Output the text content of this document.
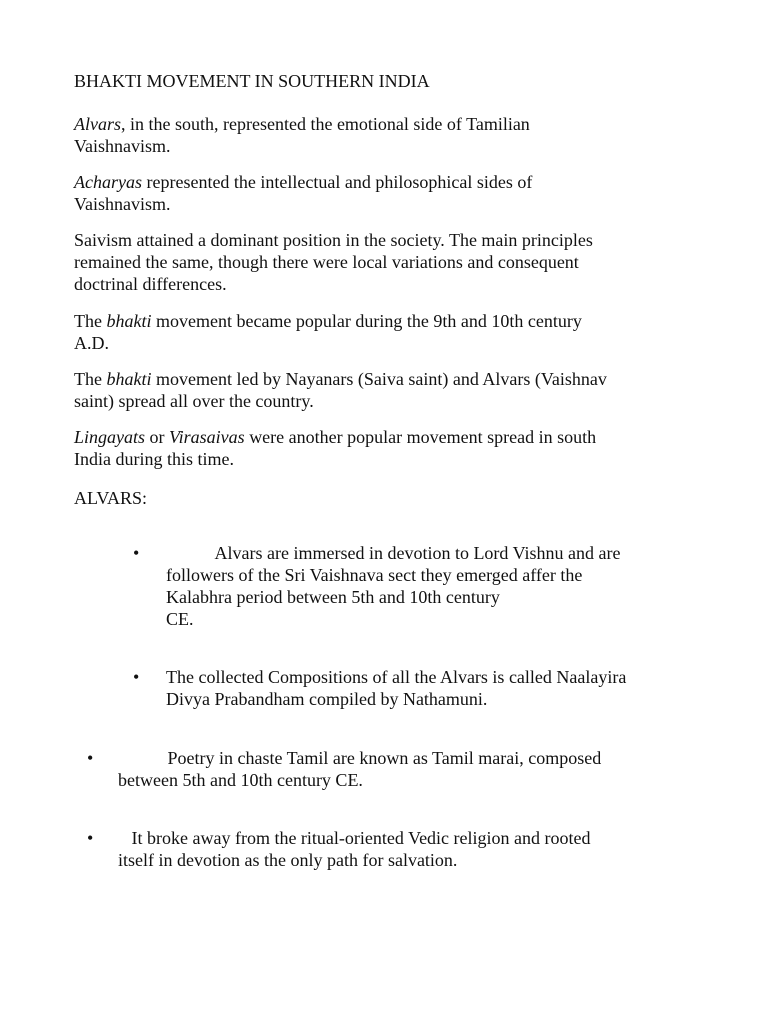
BHAKTI MOVEMENT IN SOUTHERN INDIA
Alvars, in the south, represented the emotional side of Tamilian
Vaishnavism.
Acharyas represented the intellectual and philosophical sides of
Vaishnavism.
Saivism attained a dominant position in the society. The main principles
remained the same, though there were local variations and consequent
doctrinal differences.
The bhakti movement became popular during the 9th and 10th century
A.D.
The bhakti movement led by Nayanars (Saiva saint) and Alvars (Vaishnav
saint) spread all over the country.
Lingayats or Virasaivas were another popular movement spread in south
India during this time.
ALVARS:
• Alvars are immersed in devotion to Lord Vishnu and are
followers of the Sri Vaishnava sect they emerged affer the
Kalabhra period between 5th and 10th century
CE.
• The collected Compositions of all the Alvars is called Naalayira
Divya Prabandham compiled by Nathamuni.
• Poetry in chaste Tamil are known as Tamil marai, composed
between 5th and 10th century CE.
• It broke away from the ritual-oriented Vedic religion and rooted
itself in devotion as the only path for salvation.
